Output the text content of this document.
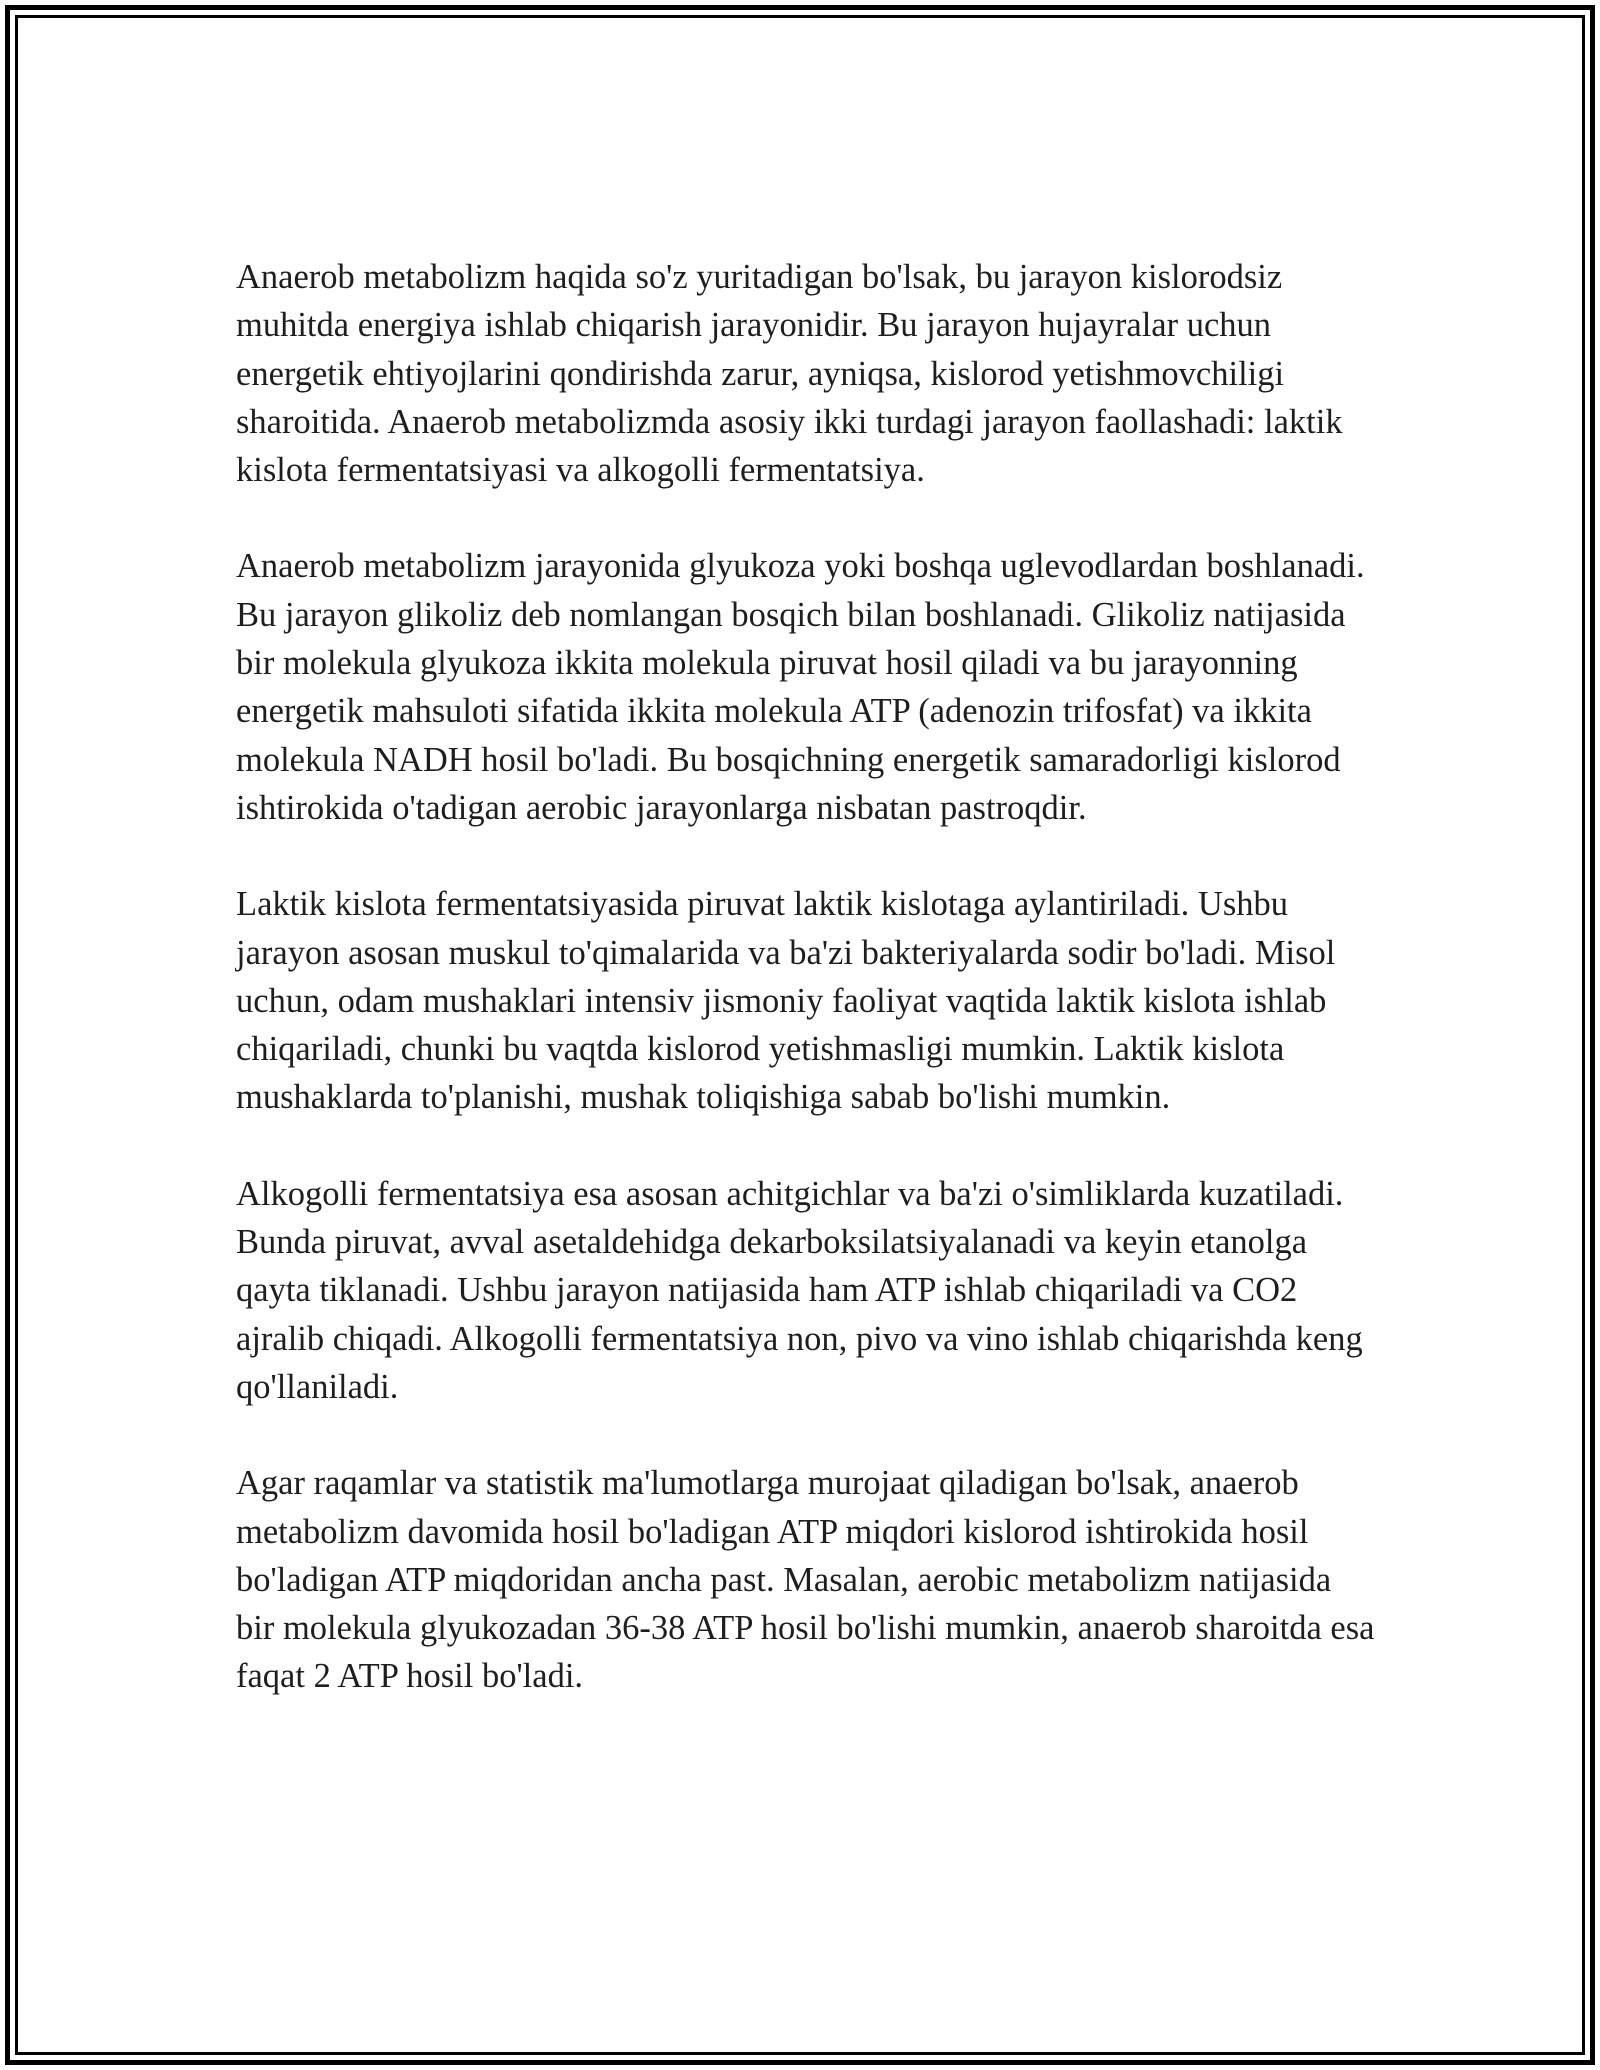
Anaerob metabolizm haqida so'z yuritadigan bo'lsak, bu jarayon kislorodsiz muhitda energiya ishlab chiqarish jarayonidir. Bu jarayon hujayralar uchun energetik ehtiyojlarini qondirishda zarur, ayniqsa, kislorod yetishmovchiligi sharoitida. Anaerob metabolizmda asosiy ikki turdagi jarayon faollashadi: laktik kislota fermentatsiyasi va alkogolli fermentatsiya.

Anaerob metabolizm jarayonida glyukoza yoki boshqa uglevodlardan boshlanadi. Bu jarayon glikoliz deb nomlangan bosqich bilan boshlanadi. Glikoliz natijasida bir molekula glyukoza ikkita molekula piruvat hosil qiladi va bu jarayonning energetik mahsuloti sifatida ikkita molekula ATP (adenozin trifosfat) va ikkita molekula NADH hosil bo'ladi. Bu bosqichning energetik samaradorligi kislorod ishtirokida o'tadigan aerobic jarayonlarga nisbatan pastroqdir.

Laktik kislota fermentatsiyasida piruvat laktik kislotaga aylantiriladi. Ushbu jarayon asosan muskul to'qimalarida va ba'zi bakteriyalarda sodir bo'ladi. Misol uchun, odam mushaklari intensiv jismoniy faoliyat vaqtida laktik kislota ishlab chiqariladi, chunki bu vaqtda kislorod yetishmasligi mumkin. Laktik kislota mushaklarda to'planishi, mushak toliqishiga sabab bo'lishi mumkin.

Alkogolli fermentatsiya esa asosan achitgichlar va ba'zi o'simliklarda kuzatiladi. Bunda piruvat, avval asetaldehidga dekarboksilatsiyalanadi va keyin etanolga qayta tiklanadi. Ushbu jarayon natijasida ham ATP ishlab chiqariladi va CO2 ajralib chiqadi. Alkogolli fermentatsiya non, pivo va vino ishlab chiqarishda keng qo'llaniladi.

Agar raqamlar va statistik ma'lumotlarga murojaat qiladigan bo'lsak, anaerob metabolizm davomida hosil bo'ladigan ATP miqdori kislorod ishtirokida hosil bo'ladigan ATP miqdoridan ancha past. Masalan, aerobic metabolizm natijasida bir molekula glyukozadan 36-38 ATP hosil bo'lishi mumkin, anaerob sharoitda esa faqat 2 ATP hosil bo'ladi.
